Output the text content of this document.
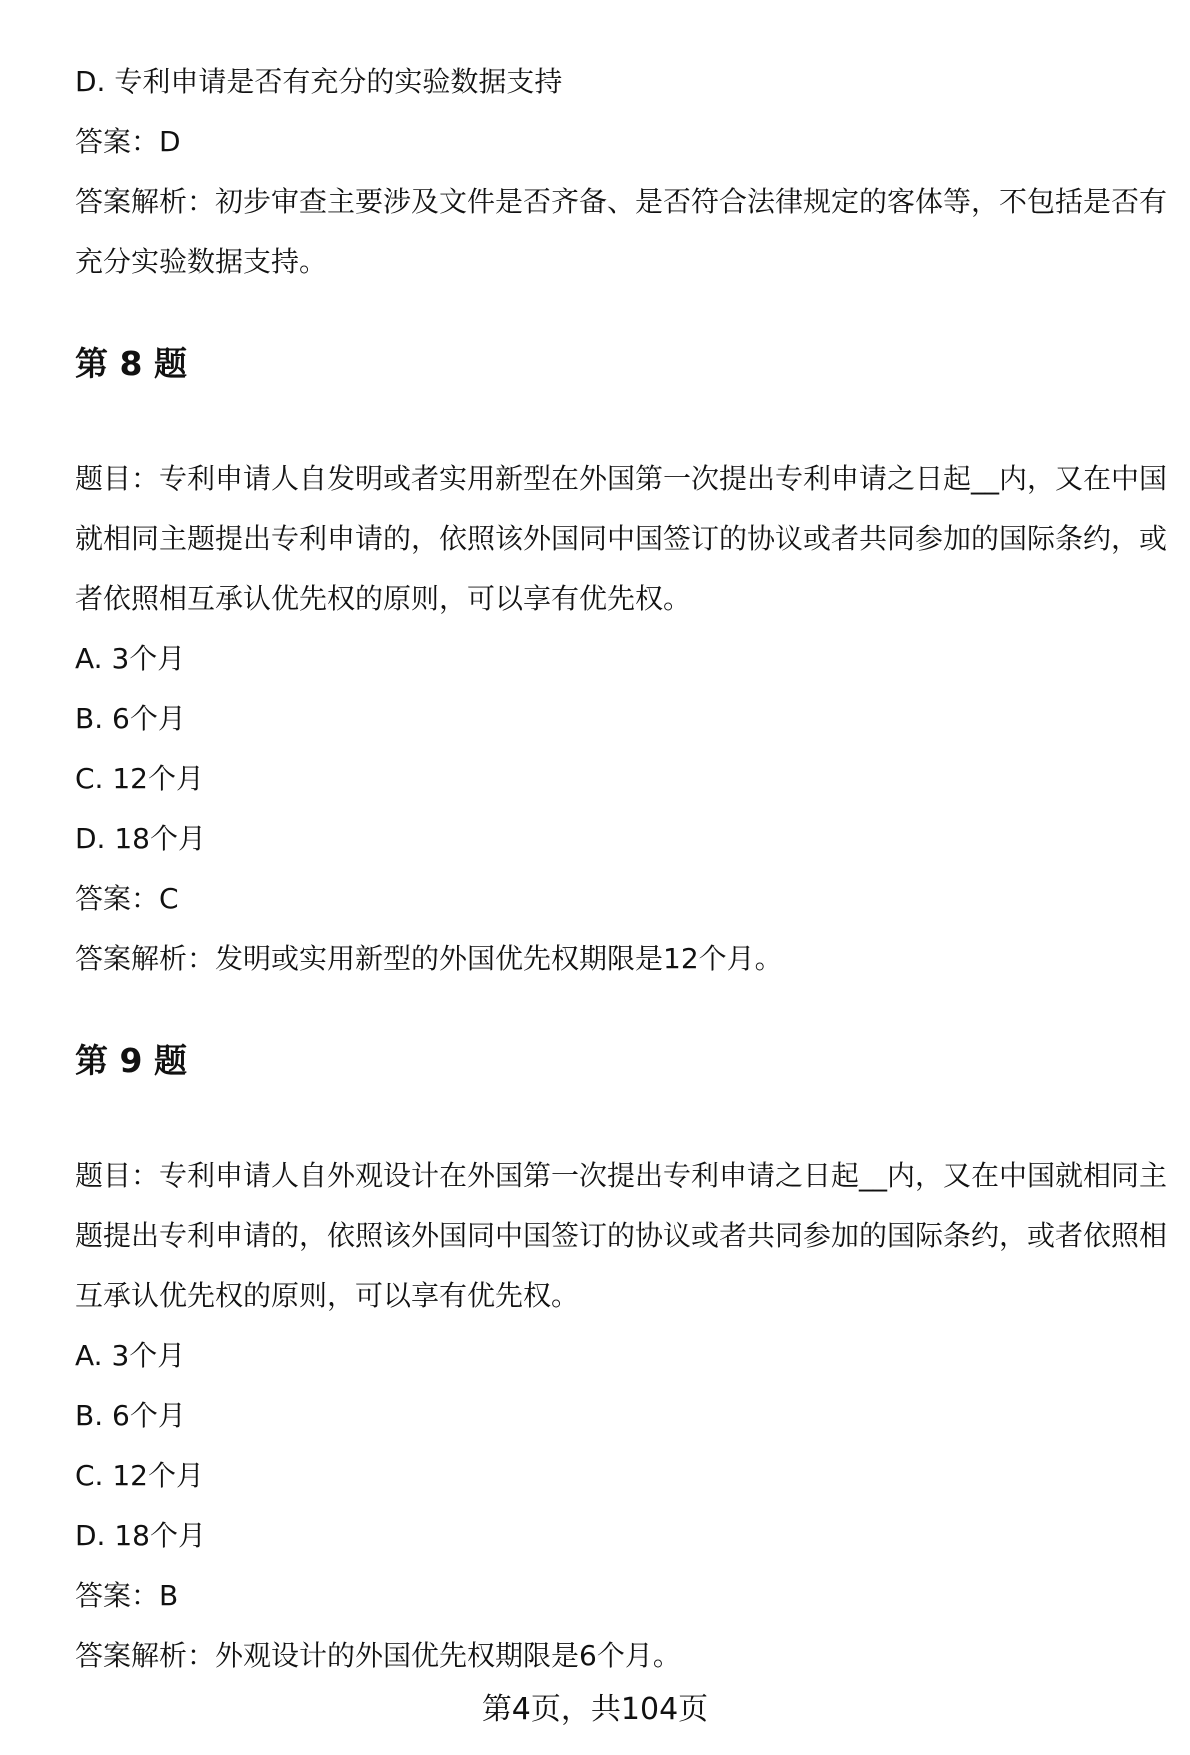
D. 专利申请是否有充分的实验数据支持
答案：D
答案解析：初步审查主要涉及文件是否齐备、是否符合法律规定的客体等，不包括是否有充分实验数据支持。
第 8 题
题目：专利申请人自发明或者实用新型在外国第一次提出专利申请之日起__内，又在中国就相同主题提出专利申请的，依照该外国同中国签订的协议或者共同参加的国际条约，或者依照相互承认优先权的原则，可以享有优先权。
A. 3个月
B. 6个月
C. 12个月
D. 18个月
答案：C
答案解析：发明或实用新型的外国优先权期限是12个月。
第 9 题
题目：专利申请人自外观设计在外国第一次提出专利申请之日起__内，又在中国就相同主题提出专利申请的，依照该外国同中国签订的协议或者共同参加的国际条约，或者依照相互承认优先权的原则，可以享有优先权。
A. 3个月
B. 6个月
C. 12个月
D. 18个月
答案：B
答案解析：外观设计的外国优先权期限是6个月。
第4页，共104页
